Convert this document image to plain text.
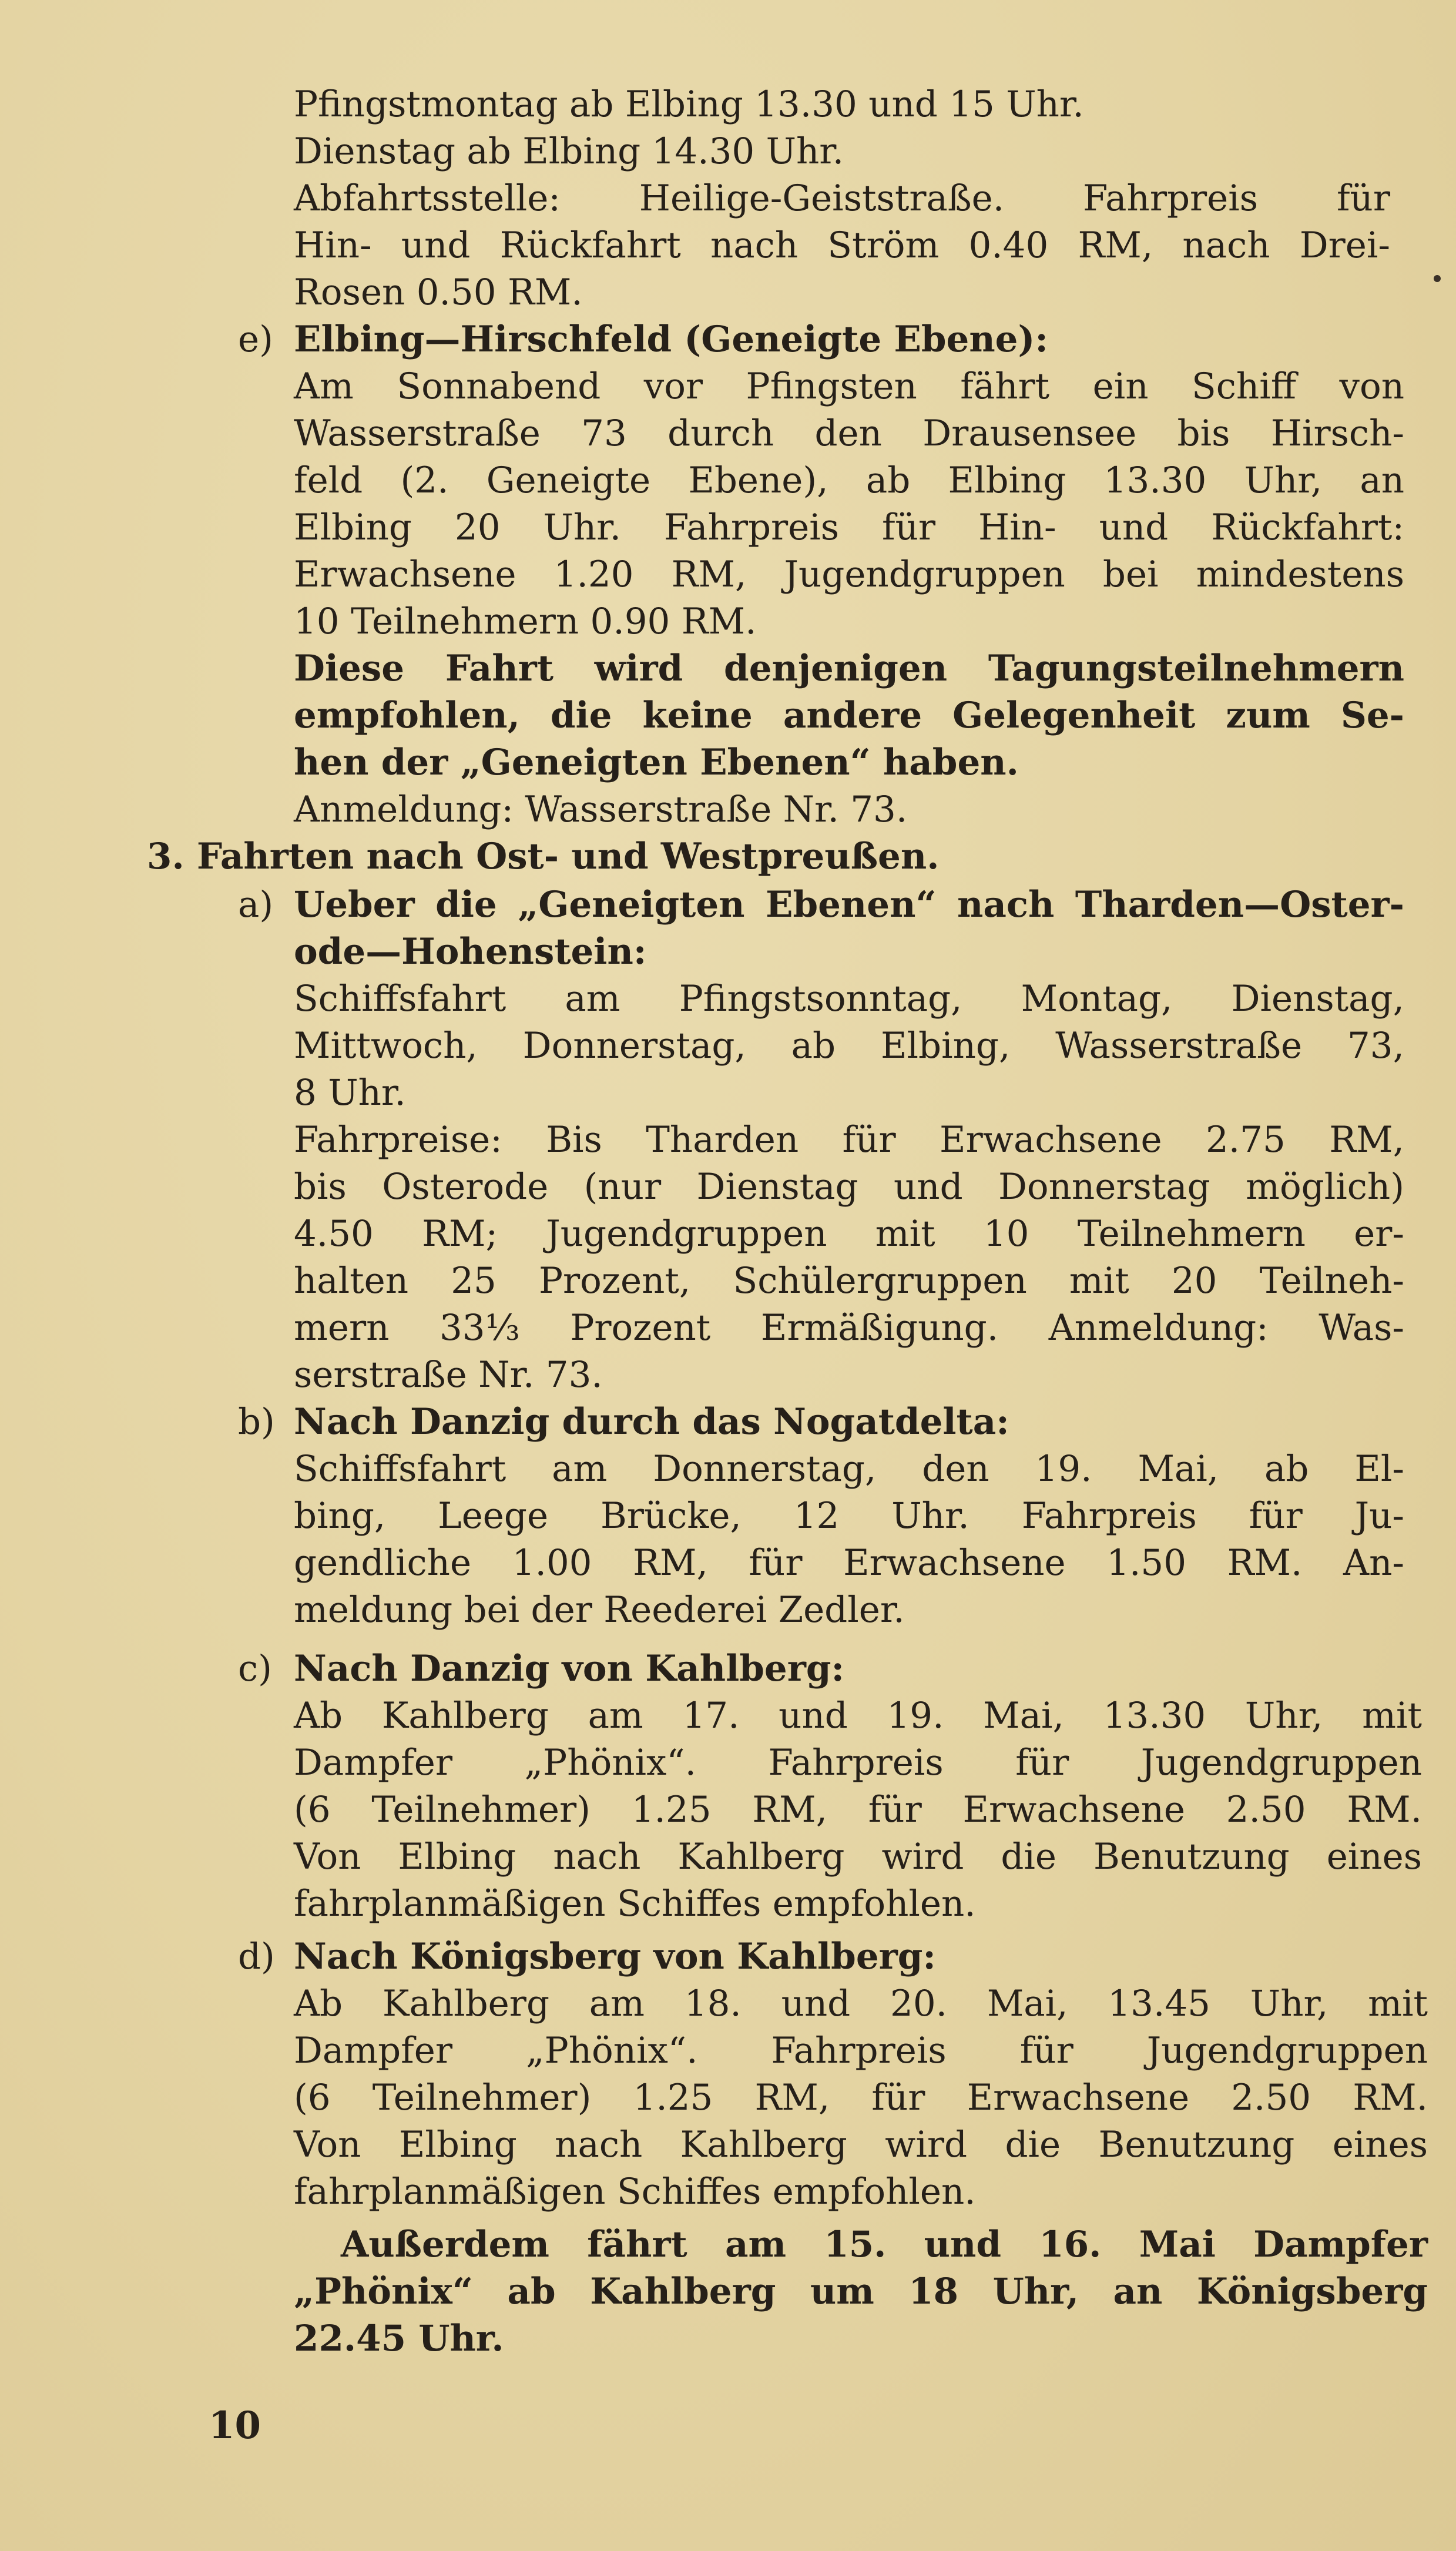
Pfingstmontag ab Elbing 13.30 und 15 Uhr.
Dienstag ab Elbing 14.30 Uhr.
Abfahrtsstelle: Heilige-Geiststraße. Fahrpreis für
Hin- und Rückfahrt nach Ström 0.40 RM, nach Drei-
Rosen 0.50 RM.
e) Elbing—Hirschfeld (Geneigte Ebene):
Am Sonnabend vor Pfingsten fährt ein Schiff von
Wasserstraße 73 durch den Drausensee bis Hirsch-
feld (2. Geneigte Ebene), ab Elbing 13.30 Uhr, an
Elbing 20 Uhr. Fahrpreis für Hin- und Rückfahrt:
Erwachsene 1.20 RM, Jugendgruppen bei mindestens
10 Teilnehmern 0.90 RM.
Diese Fahrt wird denjenigen Tagungsteilnehmern
empfohlen, die keine andere Gelegenheit zum Se-
hen der „Geneigten Ebenen“ haben.
Anmeldung: Wasserstraße Nr. 73.
3. Fahrten nach Ost- und Westpreußen.
a) Ueber die „Geneigten Ebenen“ nach Tharden—Oster-
ode—Hohenstein:
Schiffsfahrt am Pfingstsonntag, Montag, Dienstag,
Mittwoch, Donnerstag, ab Elbing, Wasserstraße 73,
8 Uhr.
Fahrpreise: Bis Tharden für Erwachsene 2.75 RM,
bis Osterode (nur Dienstag und Donnerstag möglich)
4.50 RM; Jugendgruppen mit 10 Teilnehmern er-
halten 25 Prozent, Schülergruppen mit 20 Teilneh-
mern 33⅓ Prozent Ermäßigung. Anmeldung: Was-
serstraße Nr. 73.
b) Nach Danzig durch das Nogatdelta:
Schiffsfahrt am Donnerstag, den 19. Mai, ab El-
bing, Leege Brücke, 12 Uhr. Fahrpreis für Ju-
gendliche 1.00 RM, für Erwachsene 1.50 RM. An-
meldung bei der Reederei Zedler.
c) Nach Danzig von Kahlberg:
Ab Kahlberg am 17. und 19. Mai, 13.30 Uhr, mit
Dampfer „Phönix“. Fahrpreis für Jugendgruppen
(6 Teilnehmer) 1.25 RM, für Erwachsene 2.50 RM.
Von Elbing nach Kahlberg wird die Benutzung eines
fahrplanmäßigen Schiffes empfohlen.
d) Nach Königsberg von Kahlberg:
Ab Kahlberg am 18. und 20. Mai, 13.45 Uhr, mit
Dampfer „Phönix“. Fahrpreis für Jugendgruppen
(6 Teilnehmer) 1.25 RM, für Erwachsene 2.50 RM.
Von Elbing nach Kahlberg wird die Benutzung eines
fahrplanmäßigen Schiffes empfohlen.
Außerdem fährt am 15. und 16. Mai Dampfer
„Phönix“ ab Kahlberg um 18 Uhr, an Königsberg
22.45 Uhr.
10
